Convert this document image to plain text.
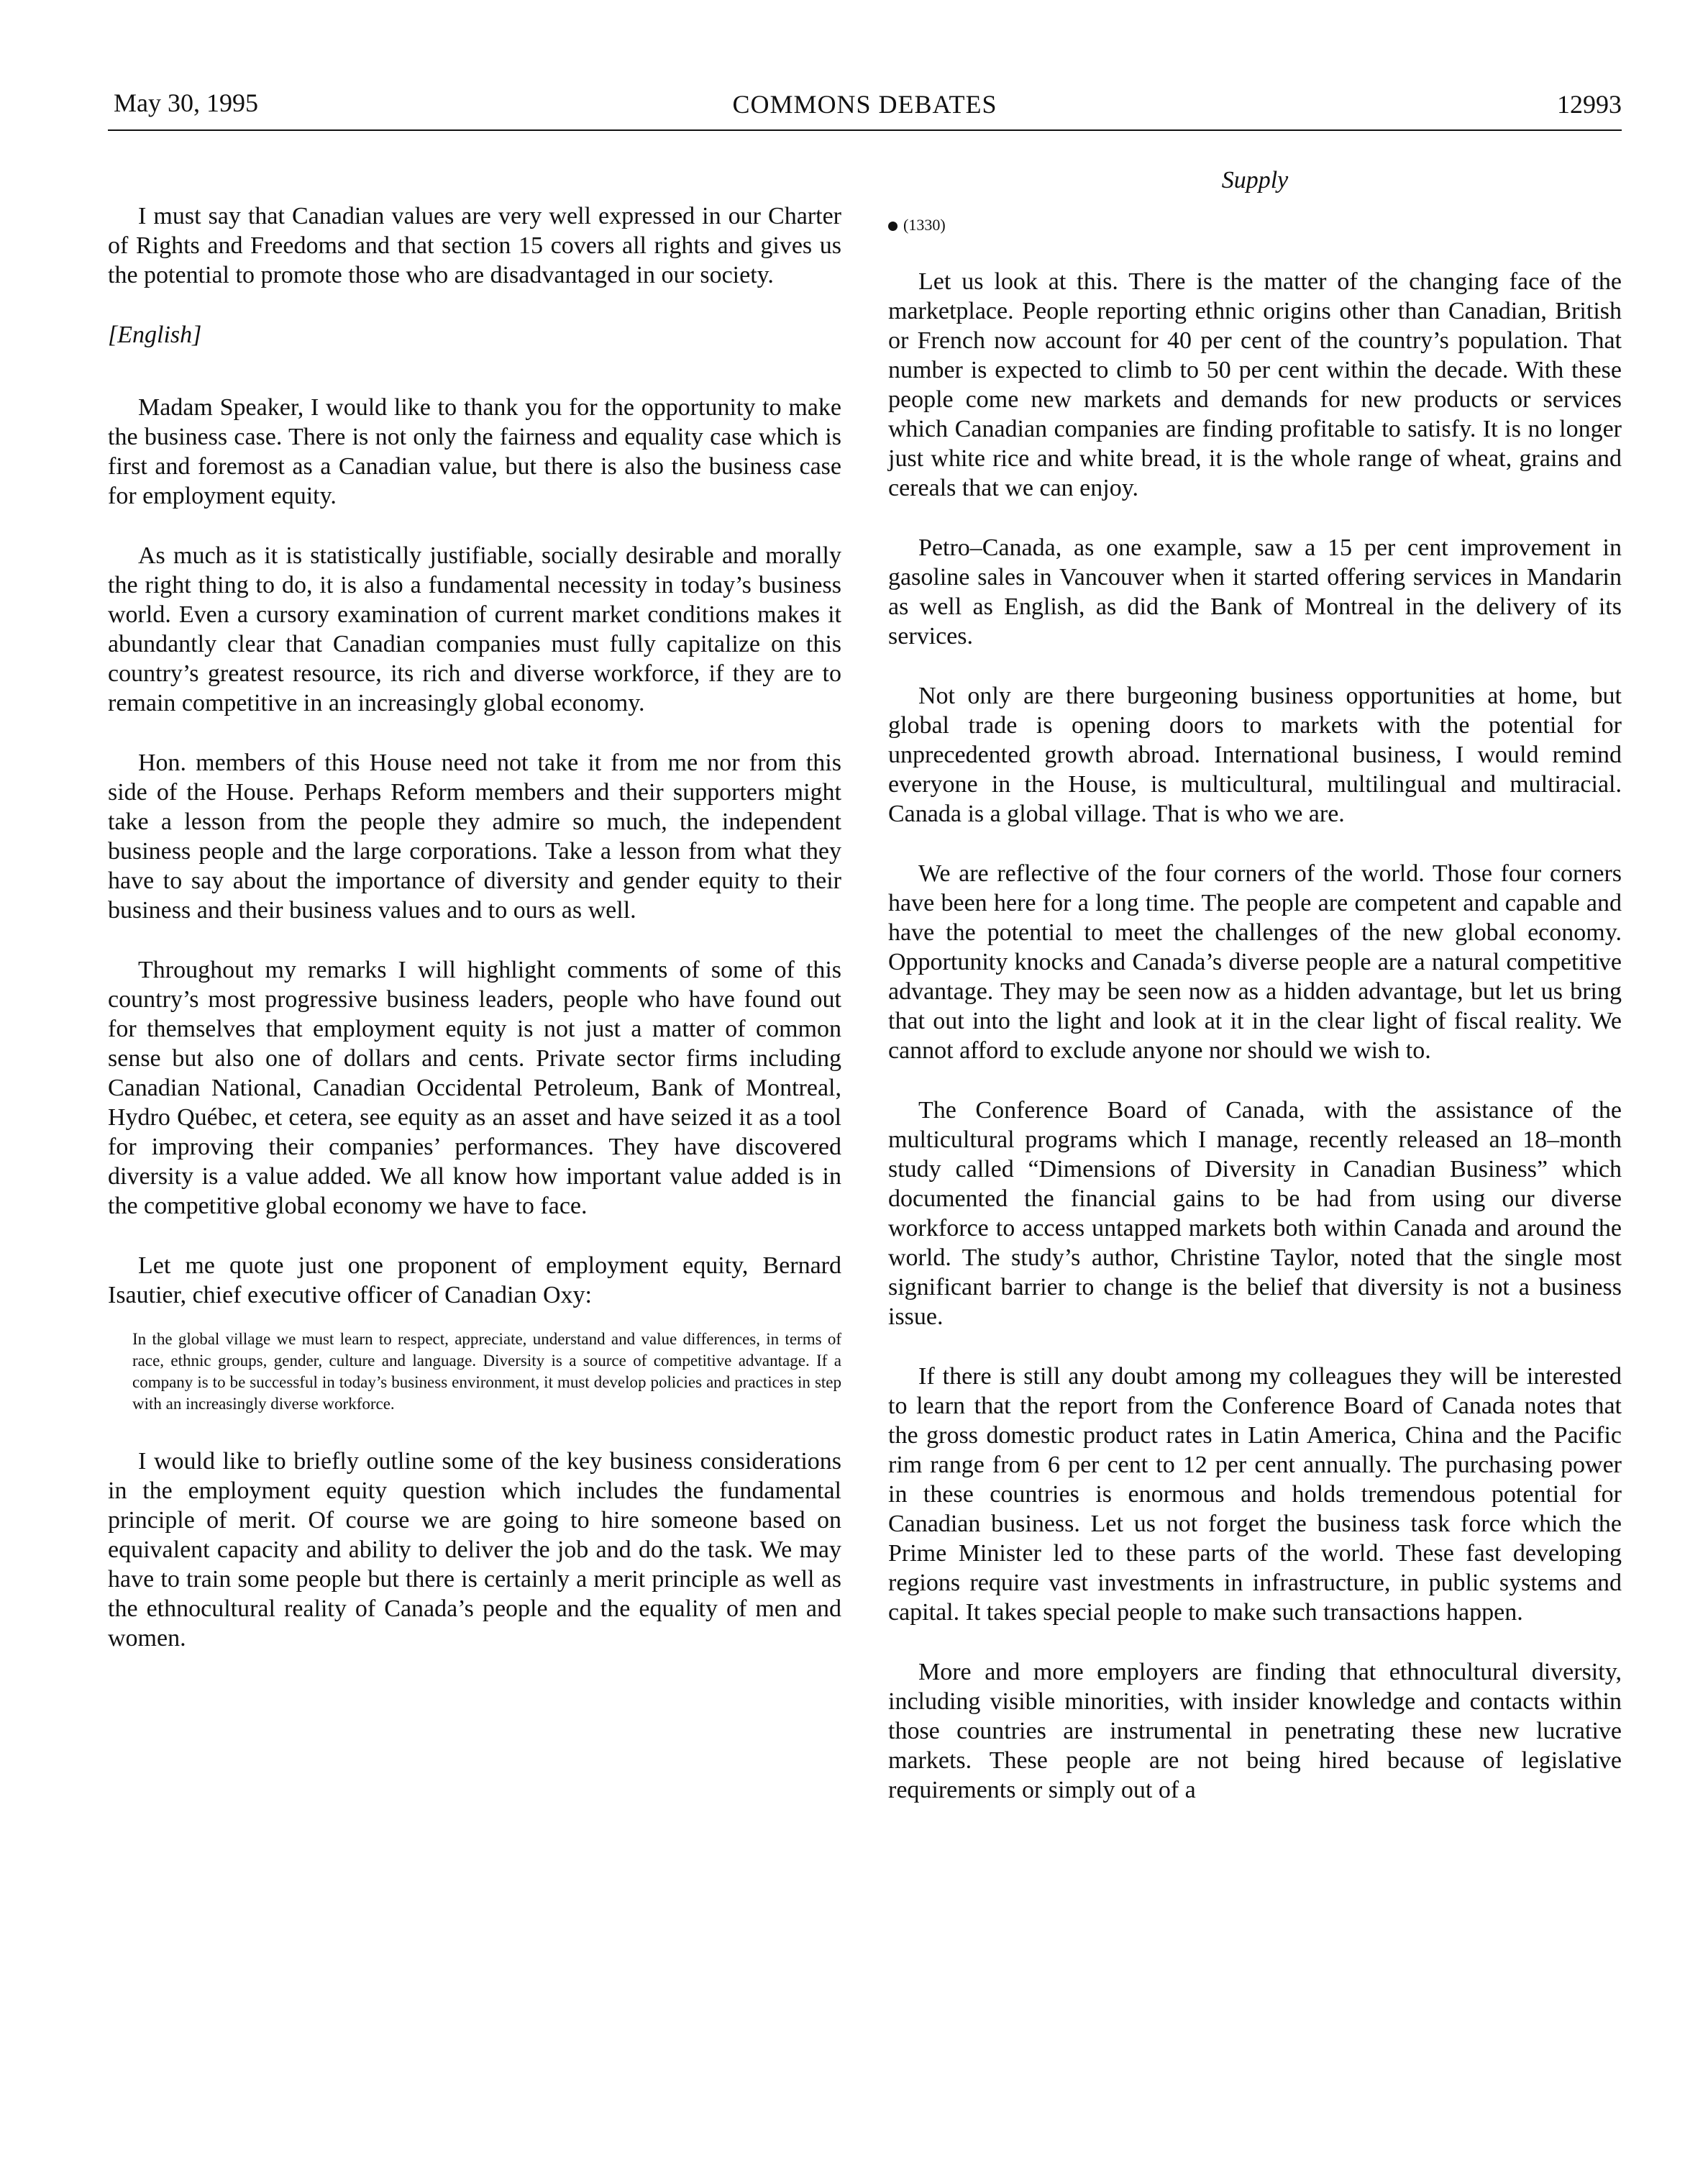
May 30, 1995	COMMONS DEBATES	12993

I must say that Canadian values are very well expressed in our Charter of Rights and Freedoms and that section 15 covers all rights and gives us the potential to promote those who are disadvantaged in our society.

[English]

Madam Speaker, I would like to thank you for the opportunity to make the business case. There is not only the fairness and equality case which is first and foremost as a Canadian value, but there is also the business case for employment equity.

As much as it is statistically justifiable, socially desirable and morally the right thing to do, it is also a fundamental necessity in today’s business world. Even a cursory examination of current market conditions makes it abundantly clear that Canadian companies must fully capitalize on this country’s greatest resource, its rich and diverse workforce, if they are to remain competitive in an increasingly global economy.

Hon. members of this House need not take it from me nor from this side of the House. Perhaps Reform members and their supporters might take a lesson from the people they admire so much, the independent business people and the large corporations. Take a lesson from what they have to say about the importance of diversity and gender equity to their business and their business values and to ours as well.

Throughout my remarks I will highlight comments of some of this country’s most progressive business leaders, people who have found out for themselves that employment equity is not just a matter of common sense but also one of dollars and cents. Private sector firms including Canadian National, Canadian Occidental Petroleum, Bank of Montreal, Hydro Québec, et cetera, see equity as an asset and have seized it as a tool for improving their companies’ performances. They have discovered diversity is a value added. We all know how important value added is in the competitive global economy we have to face.

Let me quote just one proponent of employment equity, Bernard Isautier, chief executive officer of Canadian Oxy:

In the global village we must learn to respect, appreciate, understand and value differences, in terms of race, ethnic groups, gender, culture and language. Diversity is a source of competitive advantage. If a company is to be successful in today’s business environment, it must develop policies and practices in step with an increasingly diverse workforce.

I would like to briefly outline some of the key business considerations in the employment equity question which includes the fundamental principle of merit. Of course we are going to hire someone based on equivalent capacity and ability to deliver the job and do the task. We may have to train some people but there is certainly a merit principle as well as the ethnocultural reality of Canada’s people and the equality of men and women.

Supply
(1330)

Let us look at this. There is the matter of the changing face of the marketplace. People reporting ethnic origins other than Canadian, British or French now account for 40 per cent of the country’s population. That number is expected to climb to 50 per cent within the decade. With these people come new markets and demands for new products or services which Canadian companies are finding profitable to satisfy. It is no longer just white rice and white bread, it is the whole range of wheat, grains and cereals that we can enjoy.

Petro–Canada, as one example, saw a 15 per cent improvement in gasoline sales in Vancouver when it started offering services in Mandarin as well as English, as did the Bank of Montreal in the delivery of its services.

Not only are there burgeoning business opportunities at home, but global trade is opening doors to markets with the potential for unprecedented growth abroad. International business, I would remind everyone in the House, is multicultural, multilingual and multiracial. Canada is a global village. That is who we are.

We are reflective of the four corners of the world. Those four corners have been here for a long time. The people are competent and capable and have the potential to meet the challenges of the new global economy. Opportunity knocks and Canada’s diverse people are a natural competitive advantage. They may be seen now as a hidden advantage, but let us bring that out into the light and look at it in the clear light of fiscal reality. We cannot afford to exclude anyone nor should we wish to.

The Conference Board of Canada, with the assistance of the multicultural programs which I manage, recently released an 18–month study called “Dimensions of Diversity in Canadian Business” which documented the financial gains to be had from using our diverse workforce to access untapped markets both within Canada and around the world. The study’s author, Christine Taylor, noted that the single most significant barrier to change is the belief that diversity is not a business issue.

If there is still any doubt among my colleagues they will be interested to learn that the report from the Conference Board of Canada notes that the gross domestic product rates in Latin America, China and the Pacific rim range from 6 per cent to 12 per cent annually. The purchasing power in these countries is enormous and holds tremendous potential for Canadian business. Let us not forget the business task force which the Prime Minister led to these parts of the world. These fast developing regions require vast investments in infrastructure, in public systems and capital. It takes special people to make such transactions happen.

More and more employers are finding that ethnocultural diversity, including visible minorities, with insider knowledge and contacts within those countries are instrumental in penetrating these new lucrative markets. These people are not being hired because of legislative requirements or simply out of a
